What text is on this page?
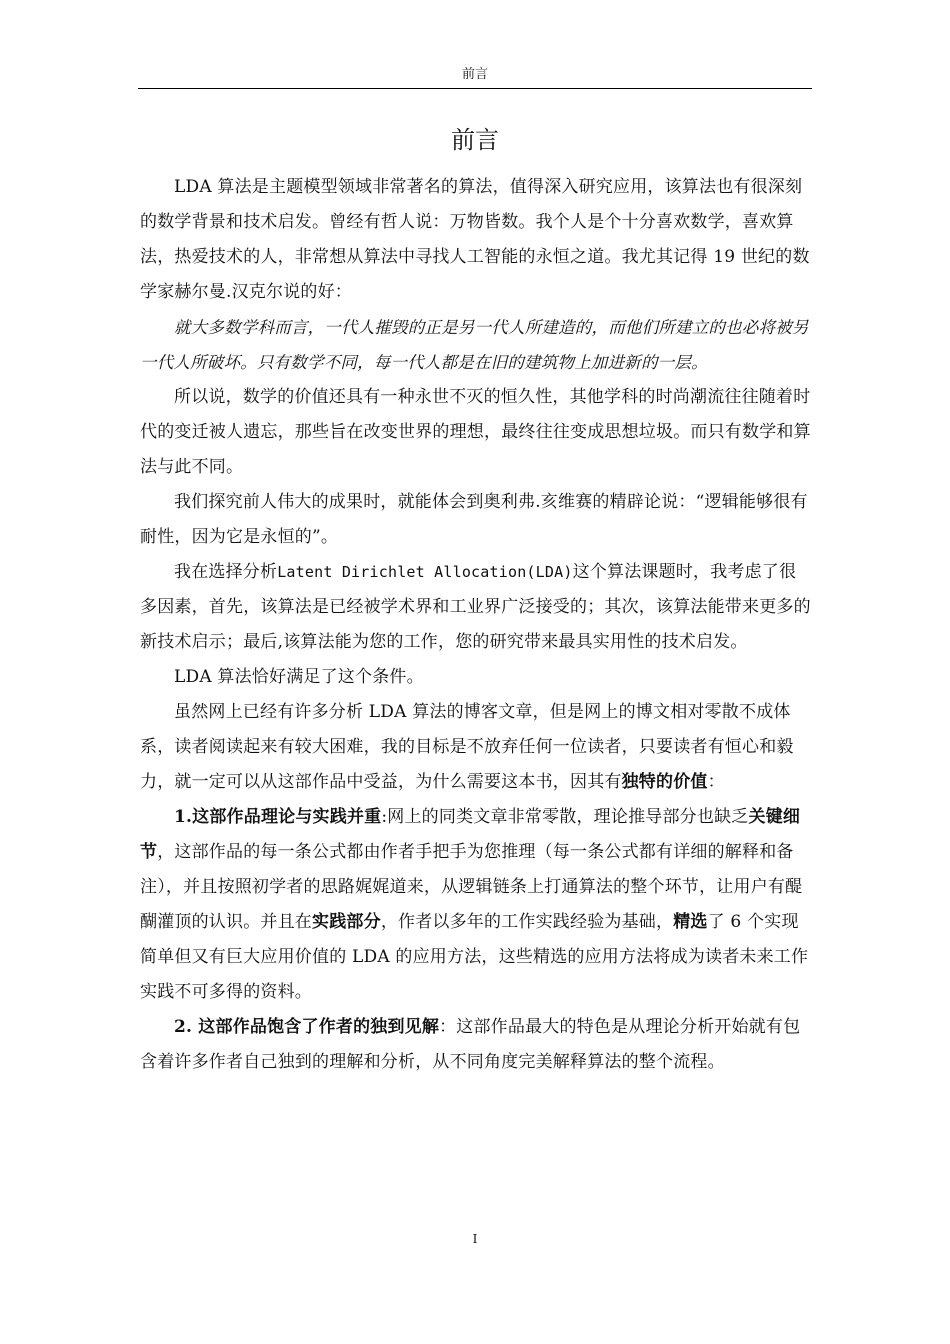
前言
前言

LDA 算法是主题模型领域非常著名的算法，值得深入研究应用，该算法也有很深刻的数学背景和技术启发。曾经有哲人说：万物皆数。我个人是个十分喜欢数学，喜欢算法，热爱技术的人，非常想从算法中寻找人工智能的永恒之道。我尤其记得 19 世纪的数学家赫尔曼.汉克尔说的好：

就大多数学科而言，一代人摧毁的正是另一代人所建造的，而他们所建立的也必将被另一代人所破坏。只有数学不同，每一代人都是在旧的建筑物上加进新的一层。

所以说，数学的价值还具有一种永世不灭的恒久性，其他学科的时尚潮流往往随着时代的变迁被人遗忘，那些旨在改变世界的理想，最终往往变成思想垃圾。而只有数学和算法与此不同。

我们探究前人伟大的成果时，就能体会到奥利弗.亥维赛的精辟论说：“逻辑能够很有耐性，因为它是永恒的”。

我在选择分析Latent Dirichlet Allocation(LDA)这个算法课题时，我考虑了很多因素，首先，该算法是已经被学术界和工业界广泛接受的；其次，该算法能带来更多的新技术启示；最后,该算法能为您的工作，您的研究带来最具实用性的技术启发。

LDA 算法恰好满足了这个条件。

虽然网上已经有许多分析 LDA 算法的博客文章，但是网上的博文相对零散不成体系，读者阅读起来有较大困难，我的目标是不放弃任何一位读者，只要读者有恒心和毅力，就一定可以从这部作品中受益，为什么需要这本书，因其有独特的价值：

1.这部作品理论与实践并重:网上的同类文章非常零散，理论推导部分也缺乏关键细节，这部作品的每一条公式都由作者手把手为您推理（每一条公式都有详细的解释和备注），并且按照初学者的思路娓娓道来，从逻辑链条上打通算法的整个环节，让用户有醍醐灌顶的认识。并且在实践部分，作者以多年的工作实践经验为基础，精选了 6 个实现简单但又有巨大应用价值的 LDA 的应用方法，这些精选的应用方法将成为读者未来工作实践不可多得的资料。

2. 这部作品饱含了作者的独到见解：这部作品最大的特色是从理论分析开始就有包含着许多作者自己独到的理解和分析，从不同角度完美解释算法的整个流程。

I
